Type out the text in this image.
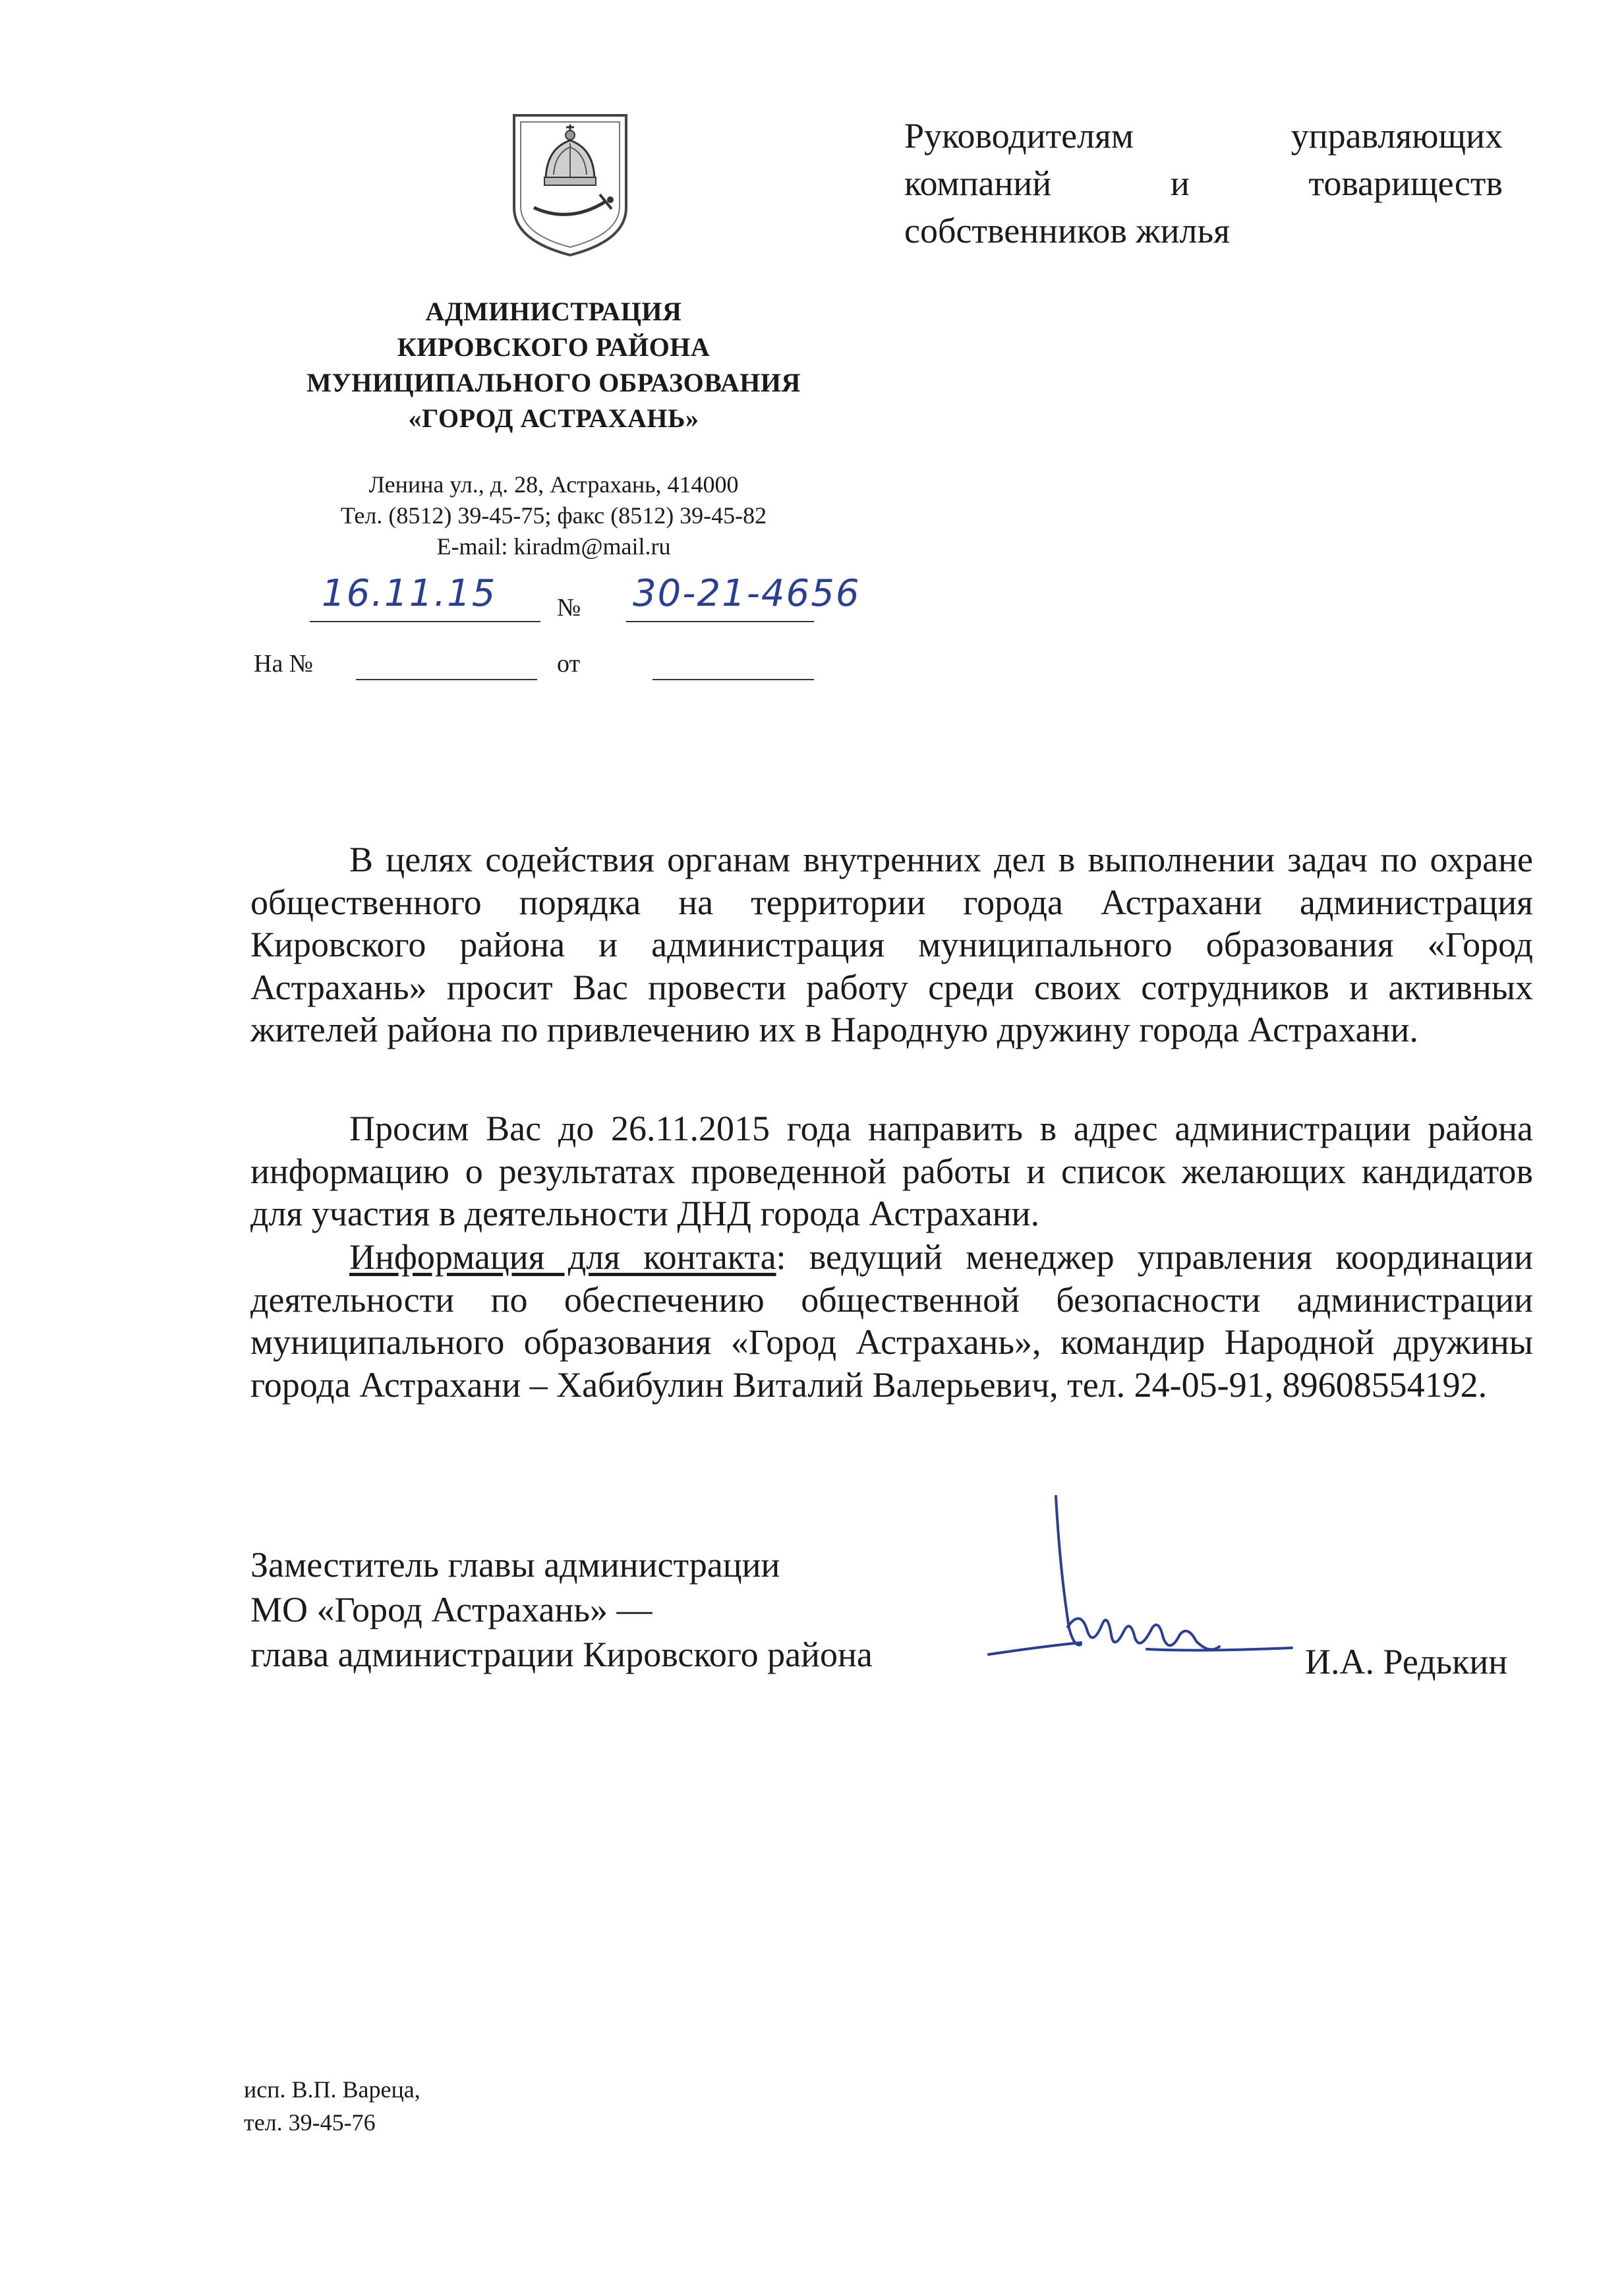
Руководителям	управляющих
компаний	и	товариществ
собственников жилья
АДМИНИСТРАЦИЯ
КИРОВСКОГО РАЙОНА
МУНИЦИПАЛЬНОГО ОБРАЗОВАНИЯ
«ГОРОД АСТРАХАНЬ»
Ленина ул., д. 28, Астрахань, 414000
Тел. (8512) 39-45-75; факс (8512) 39-45-82
E-mail: kiradm@mail.ru
16.11.15 № 30-21-4656
На №	от
В целях содействия органам внутренних дел в выполнении задач по охране общественного порядка на территории города Астрахани администрация Кировского района и администрация муниципального образования «Город Астрахань» просит Вас провести работу среди своих сотрудников и активных жителей района по привлечению их в Народную дружину города Астрахани.
Просим Вас до 26.11.2015 года направить в адрес администрации района информацию о результатах проведенной работы и список желающих кандидатов для участия в деятельности ДНД города Астрахани.
Информация для контакта: ведущий менеджер управления координации деятельности по обеспечению общественной безопасности администрации муниципального образования «Город Астрахань», командир Народной дружины города Астрахани – Хабибулин Виталий Валерьевич, тел. 24-05-91, 89608554192.
Заместитель главы администрации
МО «Город Астрахань» —
глава администрации Кировского района	И.А. Редькин
исп. В.П. Вареца,
тел. 39-45-76
